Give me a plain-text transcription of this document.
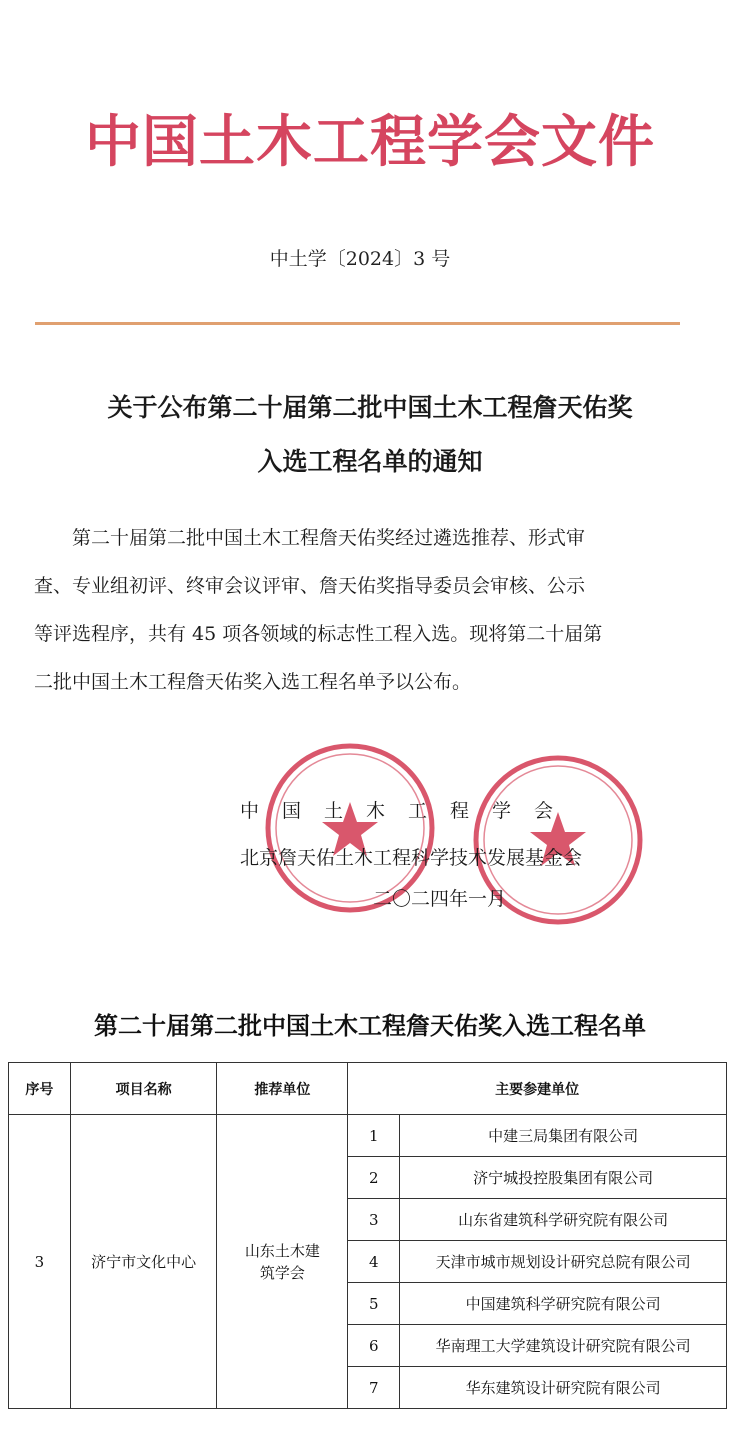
中国土木工程学会文件
中土学〔2024〕3 号
关于公布第二十届第二批中国土木工程詹天佑奖
入选工程名单的通知
第二十届第二批中国土木工程詹天佑奖经过遴选推荐、形式审
查、专业组初评、终审会议评审、詹天佑奖指导委员会审核、公示
等评选程序，共有 45 项各领域的标志性工程入选。现将第二十届第
二批中国土木工程詹天佑奖入选工程名单予以公布。
中　国　土　木　工　程　学　会
北京詹天佑土木工程科学技术发展基金会
二〇二四年一月
第二十届第二批中国土木工程詹天佑奖入选工程名单
序号	项目名称	推荐单位	主要参建单位	
3	济宁市文化中心	山东土木建筑学会	1	中建三局集团有限公司
			2	济宁城投控股集团有限公司
			3	山东省建筑科学研究院有限公司
			4	天津市城市规划设计研究总院有限公司
			5	中国建筑科学研究院有限公司
			6	华南理工大学建筑设计研究院有限公司
			7	华东建筑设计研究院有限公司
